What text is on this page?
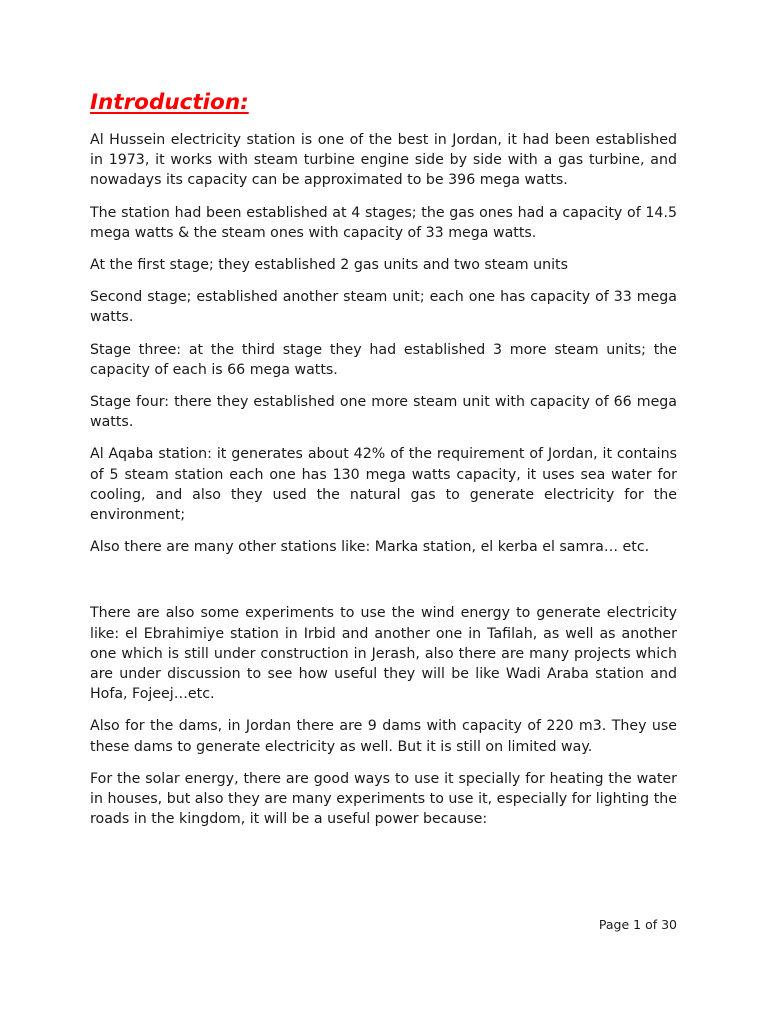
Introduction:

Al Hussein electricity station is one of the best in Jordan, it had been established in 1973, it works with steam turbine engine side by side with a gas turbine, and nowadays its capacity can be approximated to be 396 mega watts.

The station had been established at 4 stages; the gas ones had a capacity of 14.5 mega watts & the steam ones with capacity of 33 mega watts.

At the first stage; they established 2 gas units and two steam units

Second stage; established another steam unit; each one has capacity of 33 mega watts.

Stage three: at the third stage they had established 3 more steam units; the capacity of each is 66 mega watts.

Stage four: there they established one more steam unit with capacity of 66 mega watts.

Al Aqaba station: it generates about 42% of the requirement of Jordan, it contains of 5 steam station each one has 130 mega watts capacity, it uses sea water for cooling, and also they used the natural gas to generate electricity for the environment;

Also there are many other stations like: Marka station, el kerba el samra… etc.

There are also some experiments to use the wind energy to generate electricity like: el Ebrahimiye station in Irbid and another one in Tafilah, as well as another one which is still under construction in Jerash, also there are many projects which are under discussion to see how useful they will be like Wadi Araba station and Hofa, Fojeej…etc.

Also for the dams, in Jordan there are 9 dams with capacity of 220 m3. They use these dams to generate electricity as well. But it is still on limited way.

For the solar energy, there are good ways to use it specially for heating the water in houses, but also they are many experiments to use it, especially for lighting the roads in the kingdom, it will be a useful power because:

Page 1 of 30
